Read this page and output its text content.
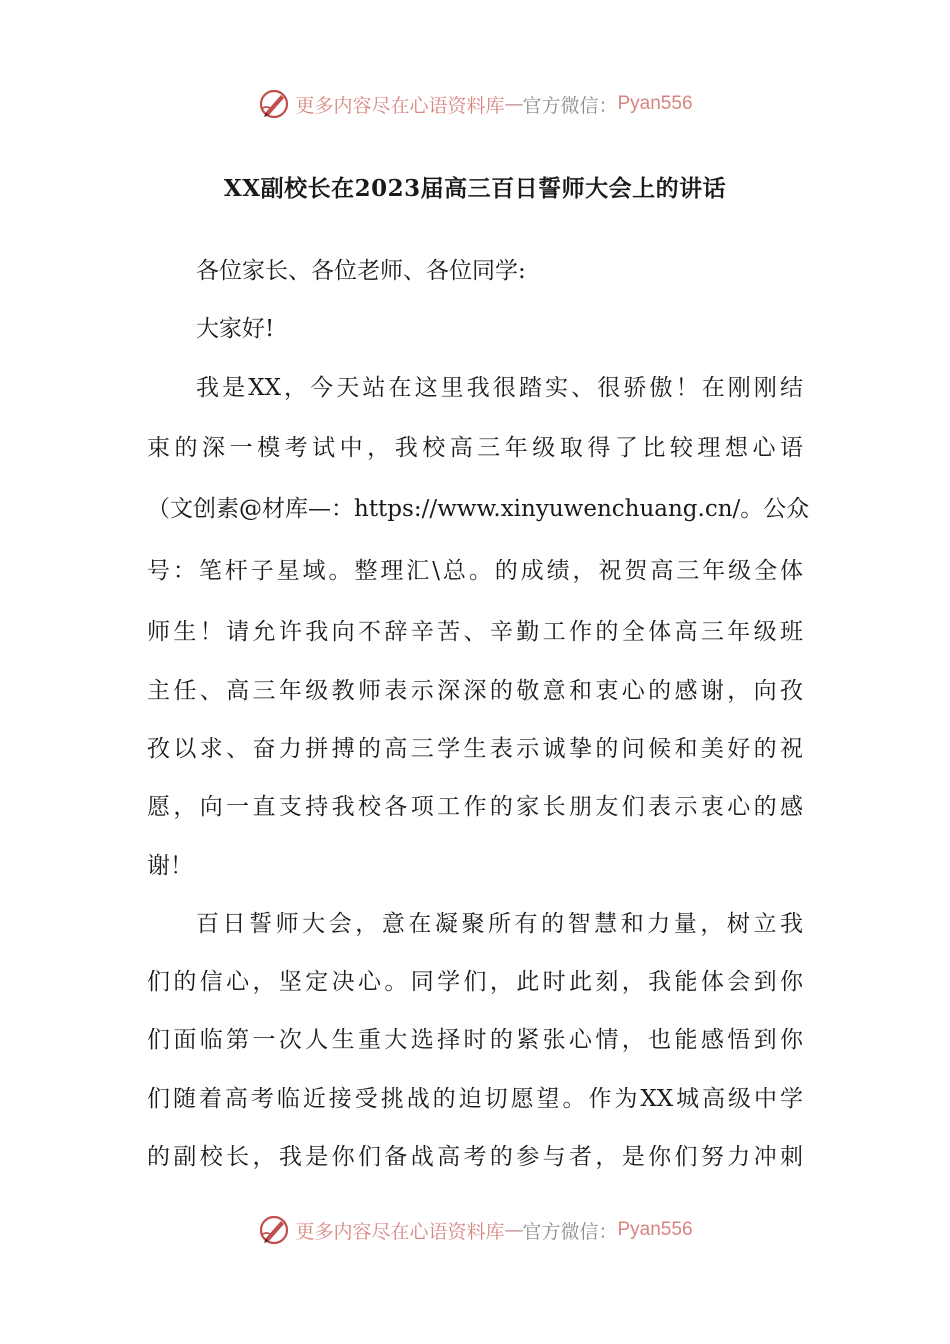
更多内容尽在心语资料库 — 官方微信： Pyan556
XX副校长在2023届高三百日誓师大会上的讲话
各位家长、各位老师、各位同学:
大家好!
我是XX，今天站在这里我很踏实、很骄傲！在刚刚结
束的深一模考试中，我校高三年级取得了比较理想心语
（文创素@材库—：https://www.xinyuwenchuang.cn/。公众
号：笔杆子星域。整理汇\总。的成绩，祝贺高三年级全体
师生！请允许我向不辞辛苦、辛勤工作的全体高三年级班
主任、高三年级教师表示深深的敬意和衷心的感谢，向孜
孜以求、奋力拼搏的高三学生表示诚挚的问候和美好的祝
愿，向一直支持我校各项工作的家长朋友们表示衷心的感
谢！
百日誓师大会，意在凝聚所有的智慧和力量，树立我
们的信心，坚定决心。同学们，此时此刻，我能体会到你
们面临第一次人生重大选择时的紧张心情，也能感悟到你
们随着高考临近接受挑战的迫切愿望。作为XX城高级中学
的副校长，我是你们备战高考的参与者，是你们努力冲刺
更多内容尽在心语资料库 — 官方微信： Pyan556
